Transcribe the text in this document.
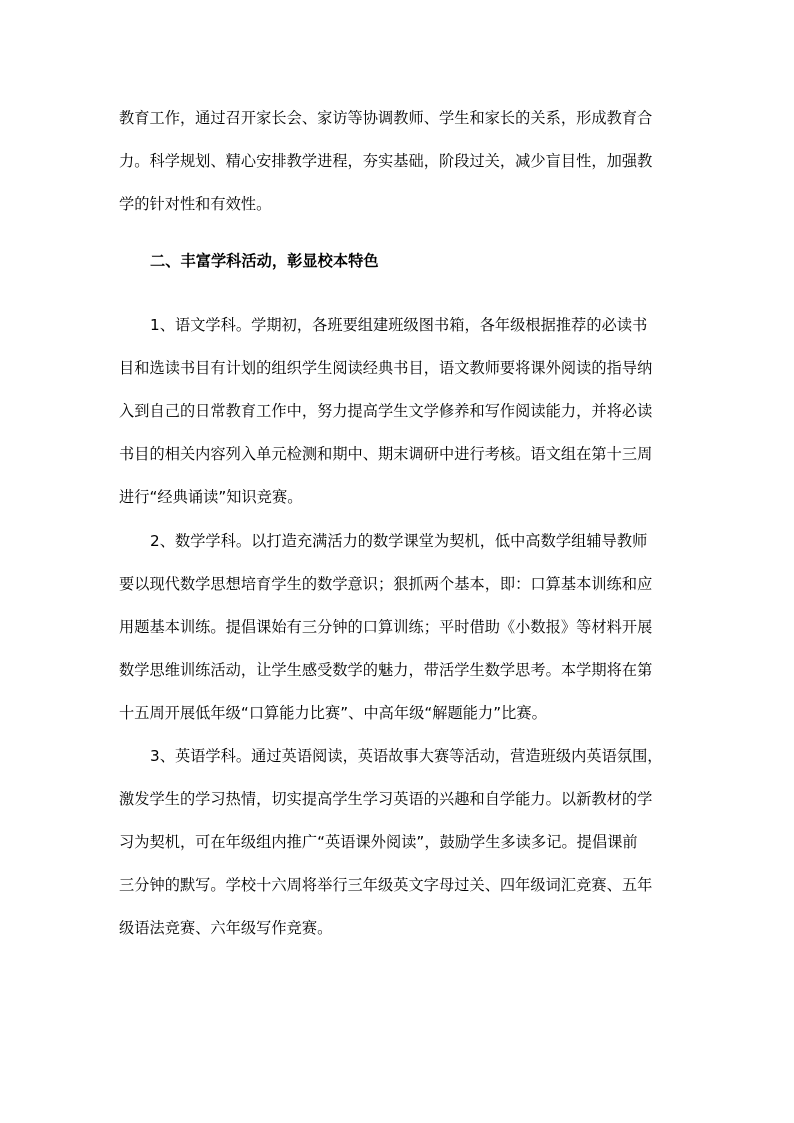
教育工作，通过召开家长会、家访等协调教师、学生和家长的关系，形成教育合
力。科学规划、精心安排教学进程，夯实基础，阶段过关，减少盲目性，加强教
学的针对性和有效性。
二、丰富学科活动，彰显校本特色
1、语文学科。学期初，各班要组建班级图书箱，各年级根据推荐的必读书
目和选读书目有计划的组织学生阅读经典书目，语文教师要将课外阅读的指导纳
入到自己的日常教育工作中，努力提高学生文学修养和写作阅读能力，并将必读
书目的相关内容列入单元检测和期中、期末调研中进行考核。语文组在第十三周
进行“经典诵读”知识竞赛。
2、数学学科。以打造充满活力的数学课堂为契机，低中高数学组辅导教师
要以现代数学思想培育学生的数学意识；狠抓两个基本，即：口算基本训练和应
用题基本训练。提倡课始有三分钟的口算训练；平时借助《小数报》等材料开展
数学思维训练活动，让学生感受数学的魅力，带活学生数学思考。本学期将在第
十五周开展低年级“口算能力比赛”、中高年级“解题能力”比赛。
3、英语学科。通过英语阅读，英语故事大赛等活动，营造班级内英语氛围，
激发学生的学习热情，切实提高学生学习英语的兴趣和自学能力。以新教材的学
习为契机，可在年级组内推广“英语课外阅读”，鼓励学生多读多记。提倡课前
三分钟的默写。学校十六周将举行三年级英文字母过关、四年级词汇竞赛、五年
级语法竞赛、六年级写作竞赛。
